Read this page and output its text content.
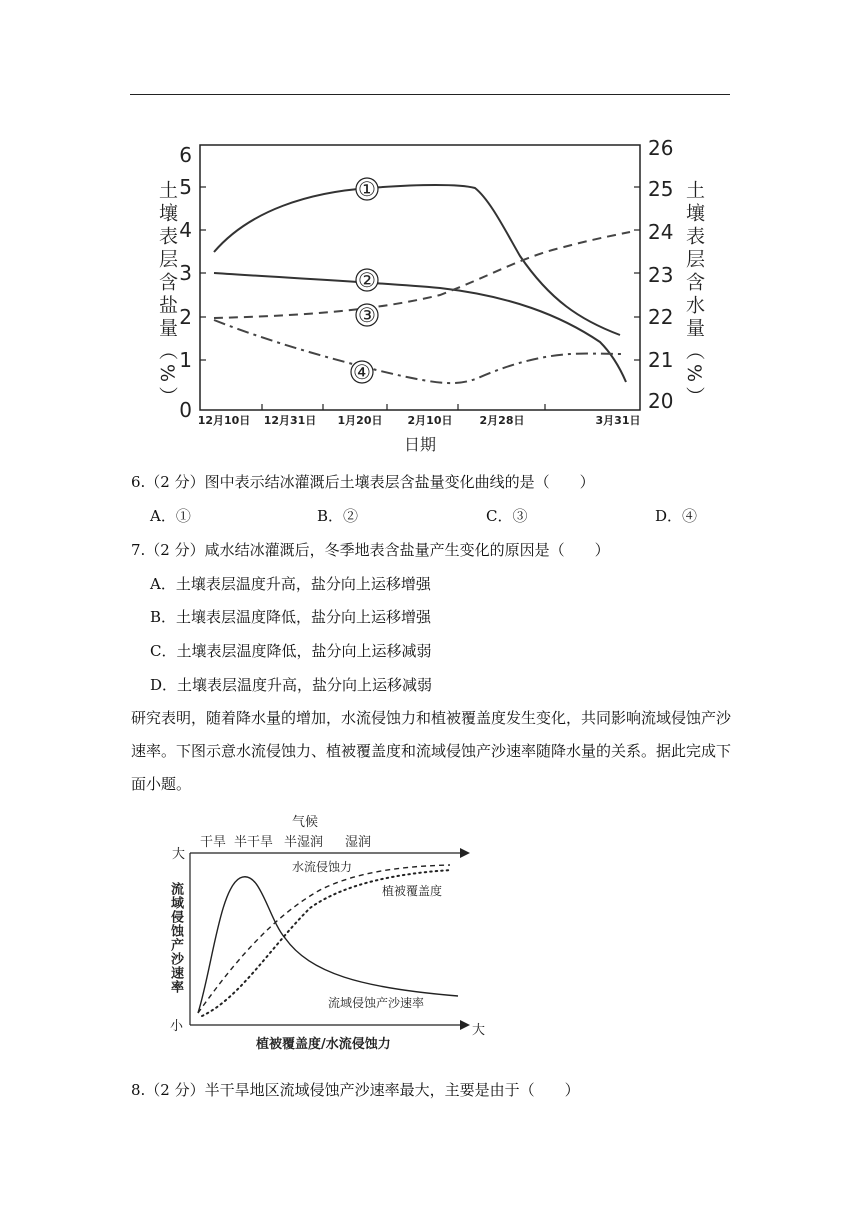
6
5
4
3
2
1
0
26
25
24
23
22
21
20
12月10日 12月31日 1月20日 2月10日 2月28日	3月31日
日期
①
②
③
④
土壤表层含盐量（%）	土壤表层含水量（%）
6.（2 分）图中表示结冰灌溉后土壤表层含盐量变化曲线的是（　　）
A．①	B．②	C．③	D．④
7.（2 分）咸水结冰灌溉后，冬季地表含盐量产生变化的原因是（　　）
A．土壤表层温度升高，盐分向上运移增强
B．土壤表层温度降低，盐分向上运移增强
C．土壤表层温度降低，盐分向上运移减弱
D．土壤表层温度升高，盐分向上运移减弱
研究表明，随着降水量的增加，水流侵蚀力和植被覆盖度发生变化，共同影响流域侵蚀产沙速率。下图示意水流侵蚀力、植被覆盖度和流域侵蚀产沙速率随降水量的关系。据此完成下面小题。
气候
干旱 半干旱 半湿润 湿润
大
小	大
水流侵蚀力
植被覆盖度
流域侵蚀产沙速率
植被覆盖度/水流侵蚀力
流域侵蚀产沙速率
8.（2 分）半干旱地区流域侵蚀产沙速率最大，主要是由于（　　）
